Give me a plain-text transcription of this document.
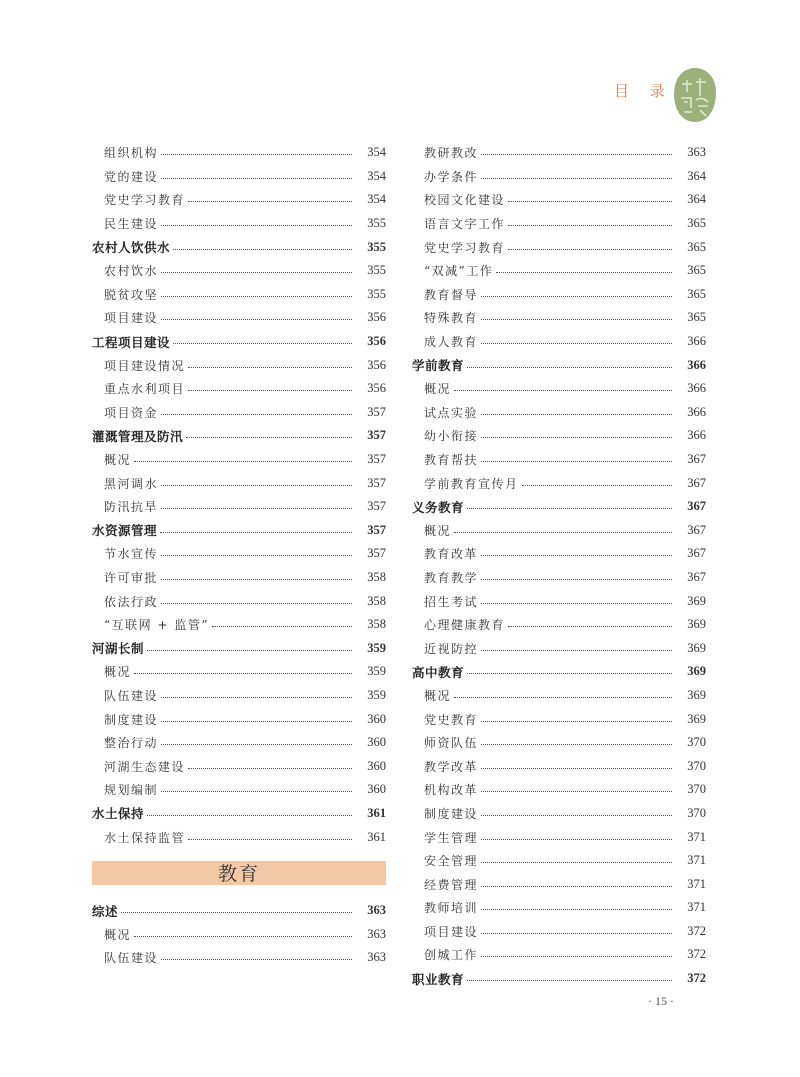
目 录
组织机构	354
党的建设	354
党史学习教育	354
民生建设	355
农村人饮供水	355
农村饮水	355
脱贫攻坚	355
项目建设	356
工程项目建设	356
项目建设情况	356
重点水利项目	356
项目资金	357
灌溉管理及防汛	357
概况	357
黑河调水	357
防汛抗旱	357
水资源管理	357
节水宣传	357
许可审批	358
依法行政	358
“互联网 + 监管”	358
河湖长制	359
概况	359
队伍建设	359
制度建设	360
整治行动	360
河湖生态建设	360
规划编制	360
水土保持	361
水土保持监管	361
教育
综述	363
概况	363
队伍建设	363
教研教改	363
办学条件	364
校园文化建设	364
语言文字工作	365
党史学习教育	365
“双减”工作	365
教育督导	365
特殊教育	365
成人教育	366
学前教育	366
概况	366
试点实验	366
幼小衔接	366
教育帮扶	367
学前教育宣传月	367
义务教育	367
概况	367
教育改革	367
教育教学	367
招生考试	369
心理健康教育	369
近视防控	369
高中教育	369
概况	369
党史教育	369
师资队伍	370
教学改革	370
机构改革	370
制度建设	370
学生管理	371
安全管理	371
经费管理	371
教师培训	371
项目建设	372
创城工作	372
职业教育	372
· 15 ·
